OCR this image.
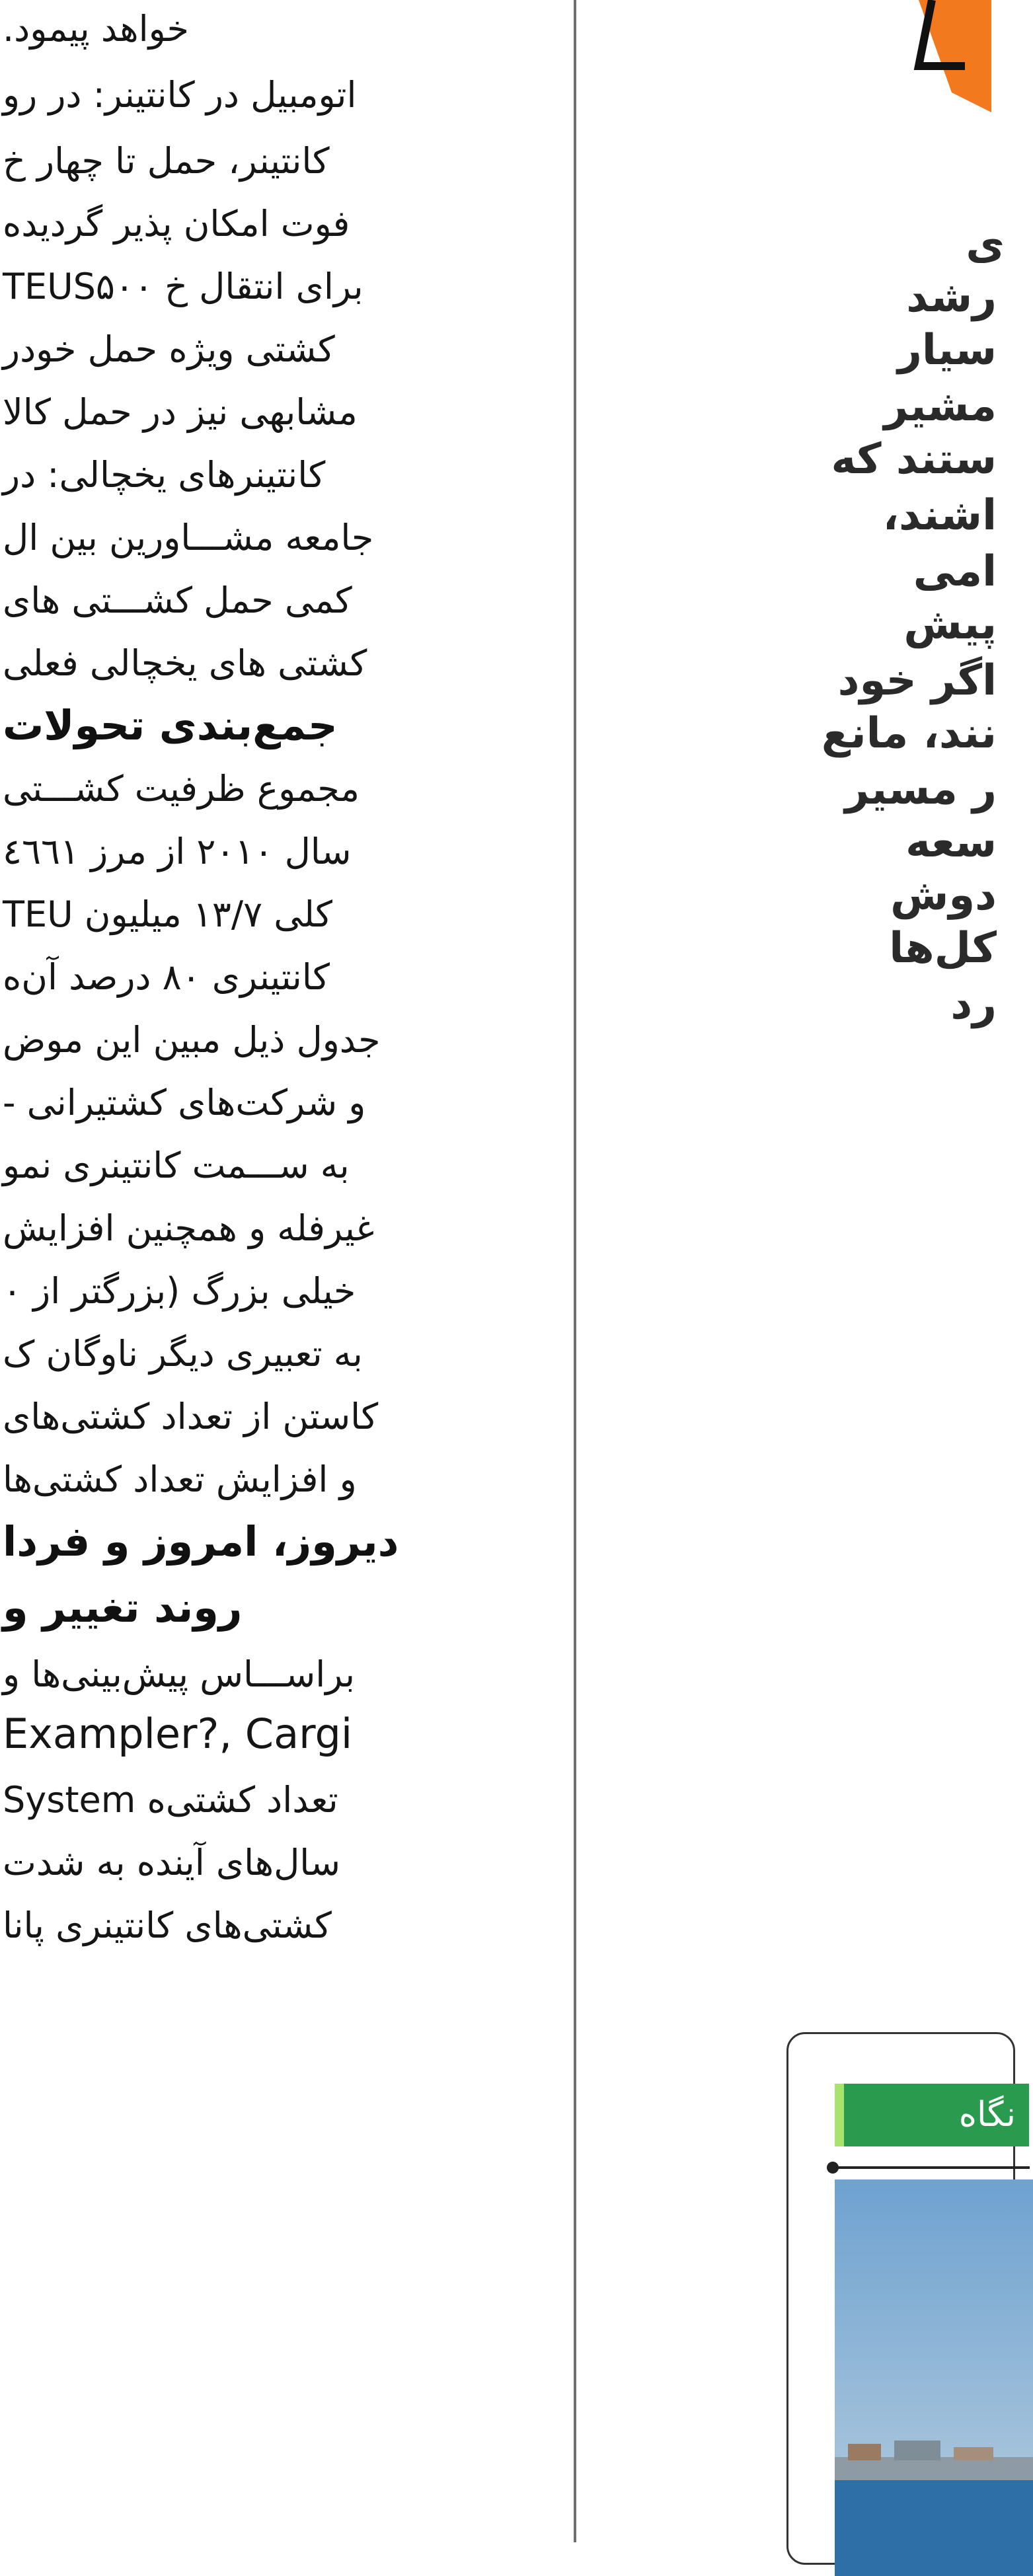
خواهد پیمود.
اتومبیل در کانتینر: در رو
کانتینر، حمل تا چهار خ
فوت امکان پذیر گردیده
TEUS۵۰۰ برای انتقال خ
کشتی ویژه حمل خودر
مشابهی نیز در حمل کالا
کانتینرهای یخچالی: در
جامعه مشـــاورین بین ال
کمی حمل کشـــتی های
کشتی های یخچالی فعلی
جمع‌بندی تحولات
مجموع ظرفیت کشـــتی
سال ۲۰۱۰ از مرز ٤٦٦١
کلی ۱۳/۷ میلیون TEU
کانتینری ۸۰ درصد آن‌ه
جدول ذیل مبین این موض
و شرکت‌های کشتیرانی -
به ســـمت کانتینری نمو
غیرفله و همچنین افزایش
خیلی بزرگ (بزرگتر از ۰
به تعبیری دیگر ناوگان ک
کاستن از تعداد کشتی‌های
و افزایش تعداد کشتی‌ها
دیروز، امروز و فردا
روند تغییر و
براســـاس پیش‌بینی‌ها و
Exampler?, Cargi
System تعداد کشتی‌ه
سال‌های آینده به شدت
کشتی‌های کانتینری پانا
ی
رشد
سیار
مشیر
ستند که
اشند،
امی
پیش
اگر خود
نند، مانع
ر مسیر
سعه
دوش
کل‌ها
رد
نگاه
